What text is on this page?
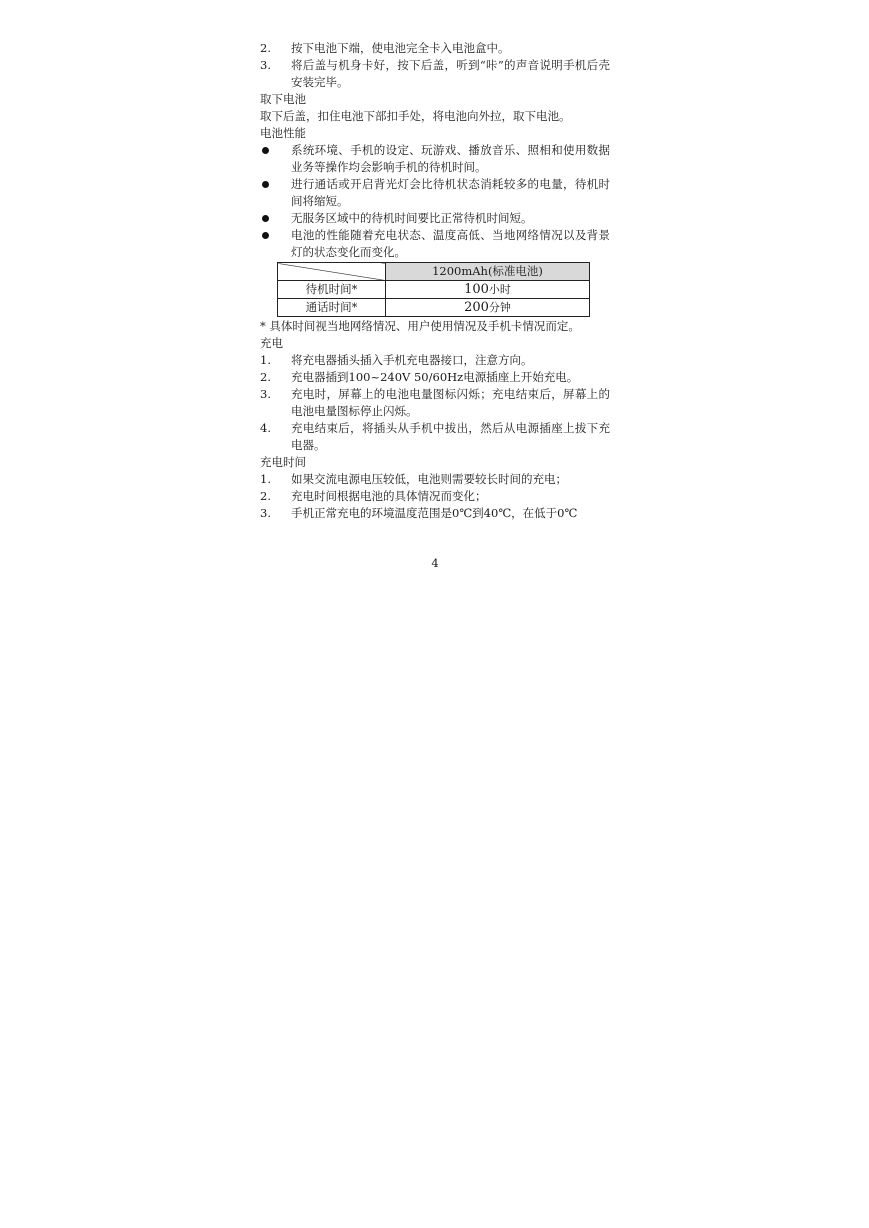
2. 按下电池下端，使电池完全卡入电池盒中。
3. 将后盖与机身卡好，按下后盖，听到“咔”的声音说明手机后壳安装完毕。
取下电池
取下后盖，扣住电池下部扣手处，将电池向外拉，取下电池。
电池性能
系统环境、手机的设定、玩游戏、播放音乐、照相和使用数据业务等操作均会影响手机的待机时间。
进行通话或开启背光灯会比待机状态消耗较多的电量，待机时间将缩短。
无服务区域中的待机时间要比正常待机时间短。
电池的性能随着充电状态、温度高低、当地网络情况以及背景灯的状态变化而变化。
	1200mAh(标准电池)
待机时间*	100小时
通话时间*	200分钟
* 具体时间视当地网络情况、用户使用情况及手机卡情况而定。
充电
1. 将充电器插头插入手机充电器接口，注意方向。
2. 充电器插到100~240V 50/60Hz电源插座上开始充电。
3. 充电时，屏幕上的电池电量图标闪烁；充电结束后，屏幕上的电池电量图标停止闪烁。
4. 充电结束后，将插头从手机中拔出，然后从电源插座上拔下充电器。
充电时间
1. 如果交流电源电压较低，电池则需要较长时间的充电；
2. 充电时间根据电池的具体情况而变化；
3. 手机正常充电的环境温度范围是0℃到40℃，在低于0℃
4
